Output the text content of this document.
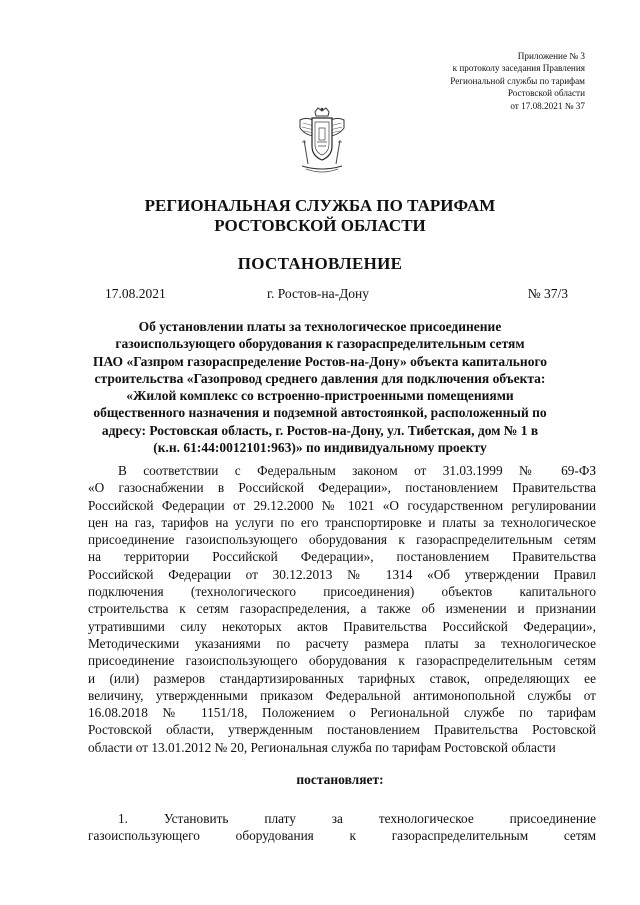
Приложение № 3
к протоколу заседания Правления
Региональной службы по тарифам
Ростовской области
от 17.08.2021 № 37
РЕГИОНАЛЬНАЯ СЛУЖБА ПО ТАРИФАМ
РОСТОВСКОЙ ОБЛАСТИ
ПОСТАНОВЛЕНИЕ
17.08.2021	г. Ростов-на-Дону	№ 37/3
Об установлении платы за технологическое присоединение
газоиспользующего оборудования к газораспределительным сетям
ПАО «Газпром газораспределение Ростов-на-Дону» объекта капитального
строительства «Газопровод среднего давления для подключения объекта:
«Жилой комплекс со встроенно-пристроенными помещениями
общественного назначения и подземной автостоянкой, расположенный по
адресу: Ростовская область, г. Ростов-на-Дону, ул. Тибетская, дом № 1 в
(к.н. 61:44:0012101:963)» по индивидуальному проекту
В соответствии с Федеральным законом от 31.03.1999 № 69-ФЗ
«О газоснабжении в Российской Федерации», постановлением Правительства
Российской Федерации от 29.12.2000 № 1021 «О государственном регулировании
цен на газ, тарифов на услуги по его транспортировке и платы за технологическое
присоединение газоиспользующего оборудования к газораспределительным сетям
на территории Российской Федерации», постановлением Правительства
Российской Федерации от 30.12.2013 № 1314 «Об утверждении Правил
подключения (технологического присоединения) объектов капитального
строительства к сетям газораспределения, а также об изменении и признании
утратившими силу некоторых актов Правительства Российской Федерации»,
Методическими указаниями по расчету размера платы за технологическое
присоединение газоиспользующего оборудования к газораспределительным сетям
и (или) размеров стандартизированных тарифных ставок, определяющих ее
величину, утвержденными приказом Федеральной антимонопольной службы от
16.08.2018 № 1151/18, Положением о Региональной службе по тарифам
Ростовской области, утвержденным постановлением Правительства Ростовской
области от 13.01.2012 № 20, Региональная служба по тарифам Ростовской области
постановляет:
1. Установить плату за технологическое присоединение
газоиспользующего оборудования к газораспределительным сетям
